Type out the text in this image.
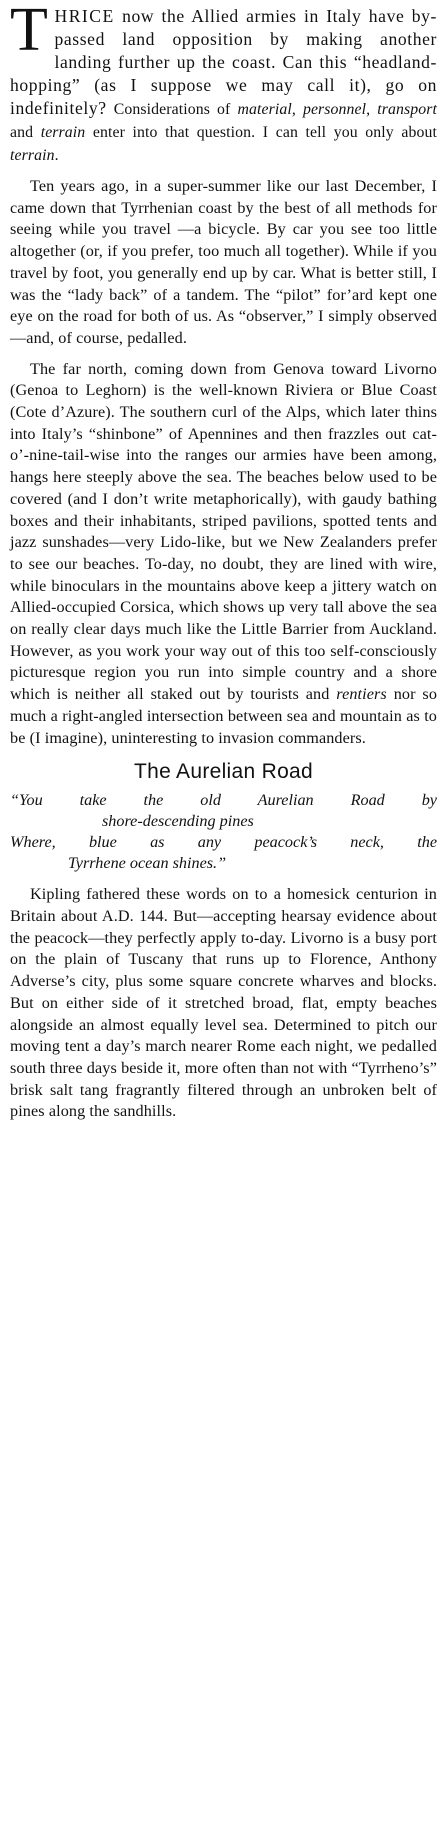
THRICE now the Allied armies in Italy have by-passed land opposition by making another landing further up the coast. Can this “headland-hopping” (as I suppose we may call it), go on indefinitely? Considerations of material, personnel, transport and terrain enter into that question. I can tell you only about terrain.

Ten years ago, in a super-summer like our last December, I came down that Tyrrhenian coast by the best of all methods for seeing while you travel —a bicycle. By car you see too little altogether (or, if you prefer, too much all together). While if you travel by foot, you generally end up by car. What is better still, I was the “lady back” of a tandem. The “pilot” for’ard kept one eye on the road for both of us. As “observer,” I simply observed—and, of course, pedalled.

The far north, coming down from Genova toward Livorno (Genoa to Leghorn) is the well-known Riviera or Blue Coast (Cote d’Azure). The southern curl of the Alps, which later thins into Italy’s “shinbone” of Apennines and then frazzles out cat-o’-nine-tail-wise into the ranges our armies have been among, hangs here steeply above the sea. The beaches below used to be covered (and I don’t write metaphorically), with gaudy bathing boxes and their inhabitants, striped pavilions, spotted tents and jazz sunshades—very Lido-like, but we New Zealanders prefer to see our beaches. To-day, no doubt, they are lined with wire, while binoculars in the mountains above keep a jittery watch on Allied-occupied Corsica, which shows up very tall above the sea on really clear days much like the Little Barrier from Auckland. However, as you work your way out of this too self-consciously picturesque region you run into simple country and a shore which is neither all staked out by tourists and rentiers nor so much a right-angled intersection between sea and mountain as to be (I imagine), uninteresting to invasion commanders.

The Aurelian Road
“You take the old Aurelian Road by
shore-descending pines
Where, blue as any peacock’s neck, the
Tyrrhene ocean shines.”

Kipling fathered these words on to a homesick centurion in Britain about A.D. 144. But—accepting hearsay evidence about the peacock—they perfectly apply to-day. Livorno is a busy port on the plain of Tuscany that runs up to Florence, Anthony Adverse’s city, plus some square concrete wharves and blocks. But on either side of it stretched broad, flat, empty beaches alongside an almost equally level sea. Determined to pitch our moving tent a day’s march nearer Rome each night, we pedalled south three days beside it, more often than not with “Tyrrheno’s” brisk salt tang fragrantly filtered through an unbroken belt of pines along the sandhills.
